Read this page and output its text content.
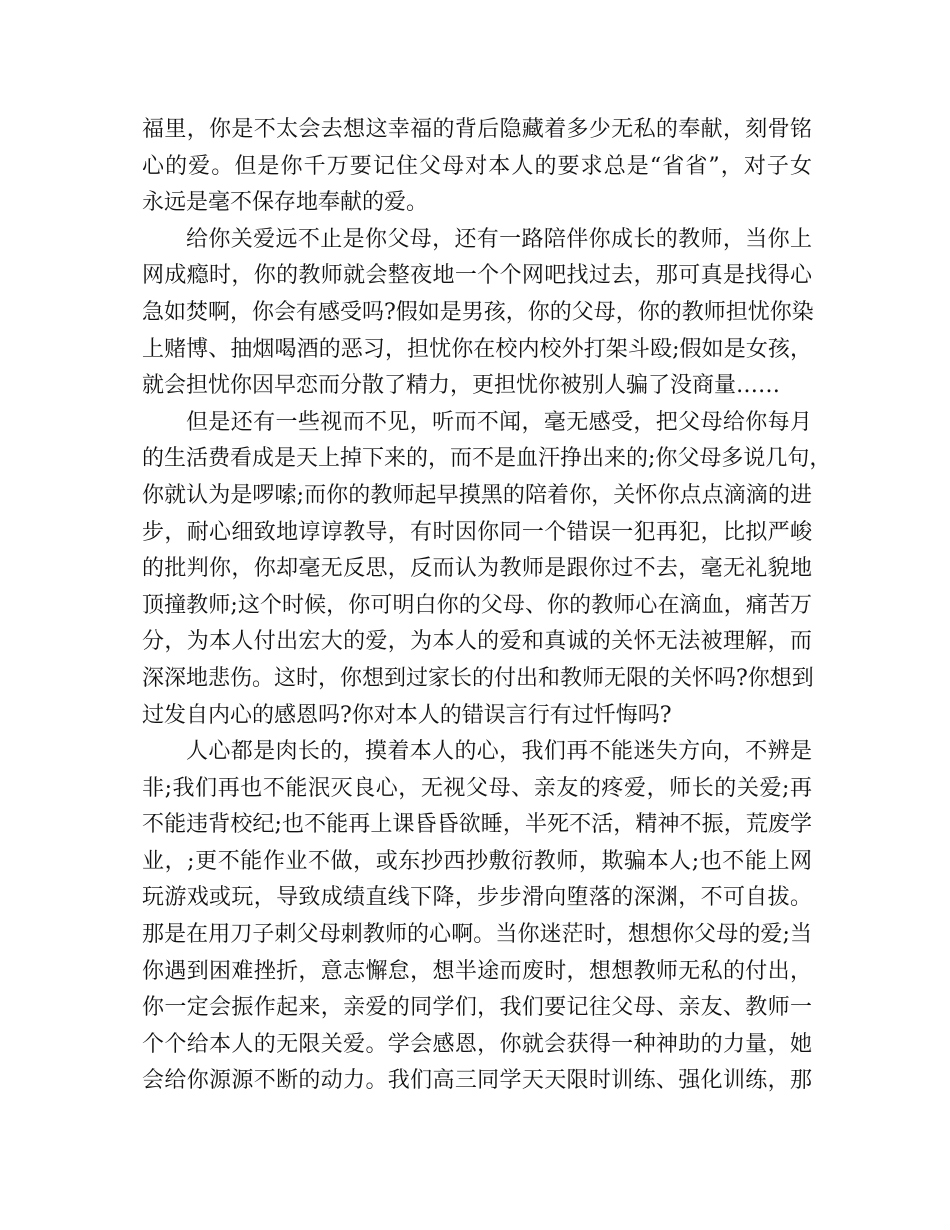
福里，你是不太会去想这幸福的背后隐藏着多少无私的奉献，刻骨铭
心的爱。但是你千万要记住父母对本人的要求总是“省省”，对子女
永远是毫不保存地奉献的爱。
给你关爱远不止是你父母，还有一路陪伴你成长的教师，当你上
网成瘾时，你的教师就会整夜地一个个网吧找过去，那可真是找得心
急如焚啊，你会有感受吗?假如是男孩，你的父母，你的教师担忧你染
上赌博、抽烟喝酒的恶习，担忧你在校内校外打架斗殴;假如是女孩，
就会担忧你因早恋而分散了精力，更担忧你被别人骗了没商量……
但是还有一些视而不见，听而不闻，毫无感受，把父母给你每月
的生活费看成是天上掉下来的，而不是血汗挣出来的;你父母多说几句，
你就认为是啰嗦;而你的教师起早摸黑的陪着你，关怀你点点滴滴的进
步，耐心细致地谆谆教导，有时因你同一个错误一犯再犯，比拟严峻
的批判你，你却毫无反思，反而认为教师是跟你过不去，毫无礼貌地
顶撞教师;这个时候，你可明白你的父母、你的教师心在滴血，痛苦万
分，为本人付出宏大的爱，为本人的爱和真诚的关怀无法被理解，而
深深地悲伤。这时，你想到过家长的付出和教师无限的关怀吗?你想到
过发自内心的感恩吗?你对本人的错误言行有过忏悔吗?
人心都是肉长的，摸着本人的心，我们再不能迷失方向，不辨是
非;我们再也不能泯灭良心，无视父母、亲友的疼爱，师长的关爱;再
不能违背校纪;也不能再上课昏昏欲睡，半死不活，精神不振，荒废学
业，;更不能作业不做，或东抄西抄敷衍教师，欺骗本人;也不能上网
玩游戏或玩，导致成绩直线下降，步步滑向堕落的深渊，不可自拔。
那是在用刀子刺父母刺教师的心啊。当你迷茫时，想想你父母的爱;当
你遇到困难挫折，意志懈怠，想半途而废时，想想教师无私的付出，
你一定会振作起来，亲爱的同学们，我们要记往父母、亲友、教师一
个个给本人的无限关爱。学会感恩，你就会获得一种神助的力量，她
会给你源源不断的动力。我们高三同学天天限时训练、强化训练，那
